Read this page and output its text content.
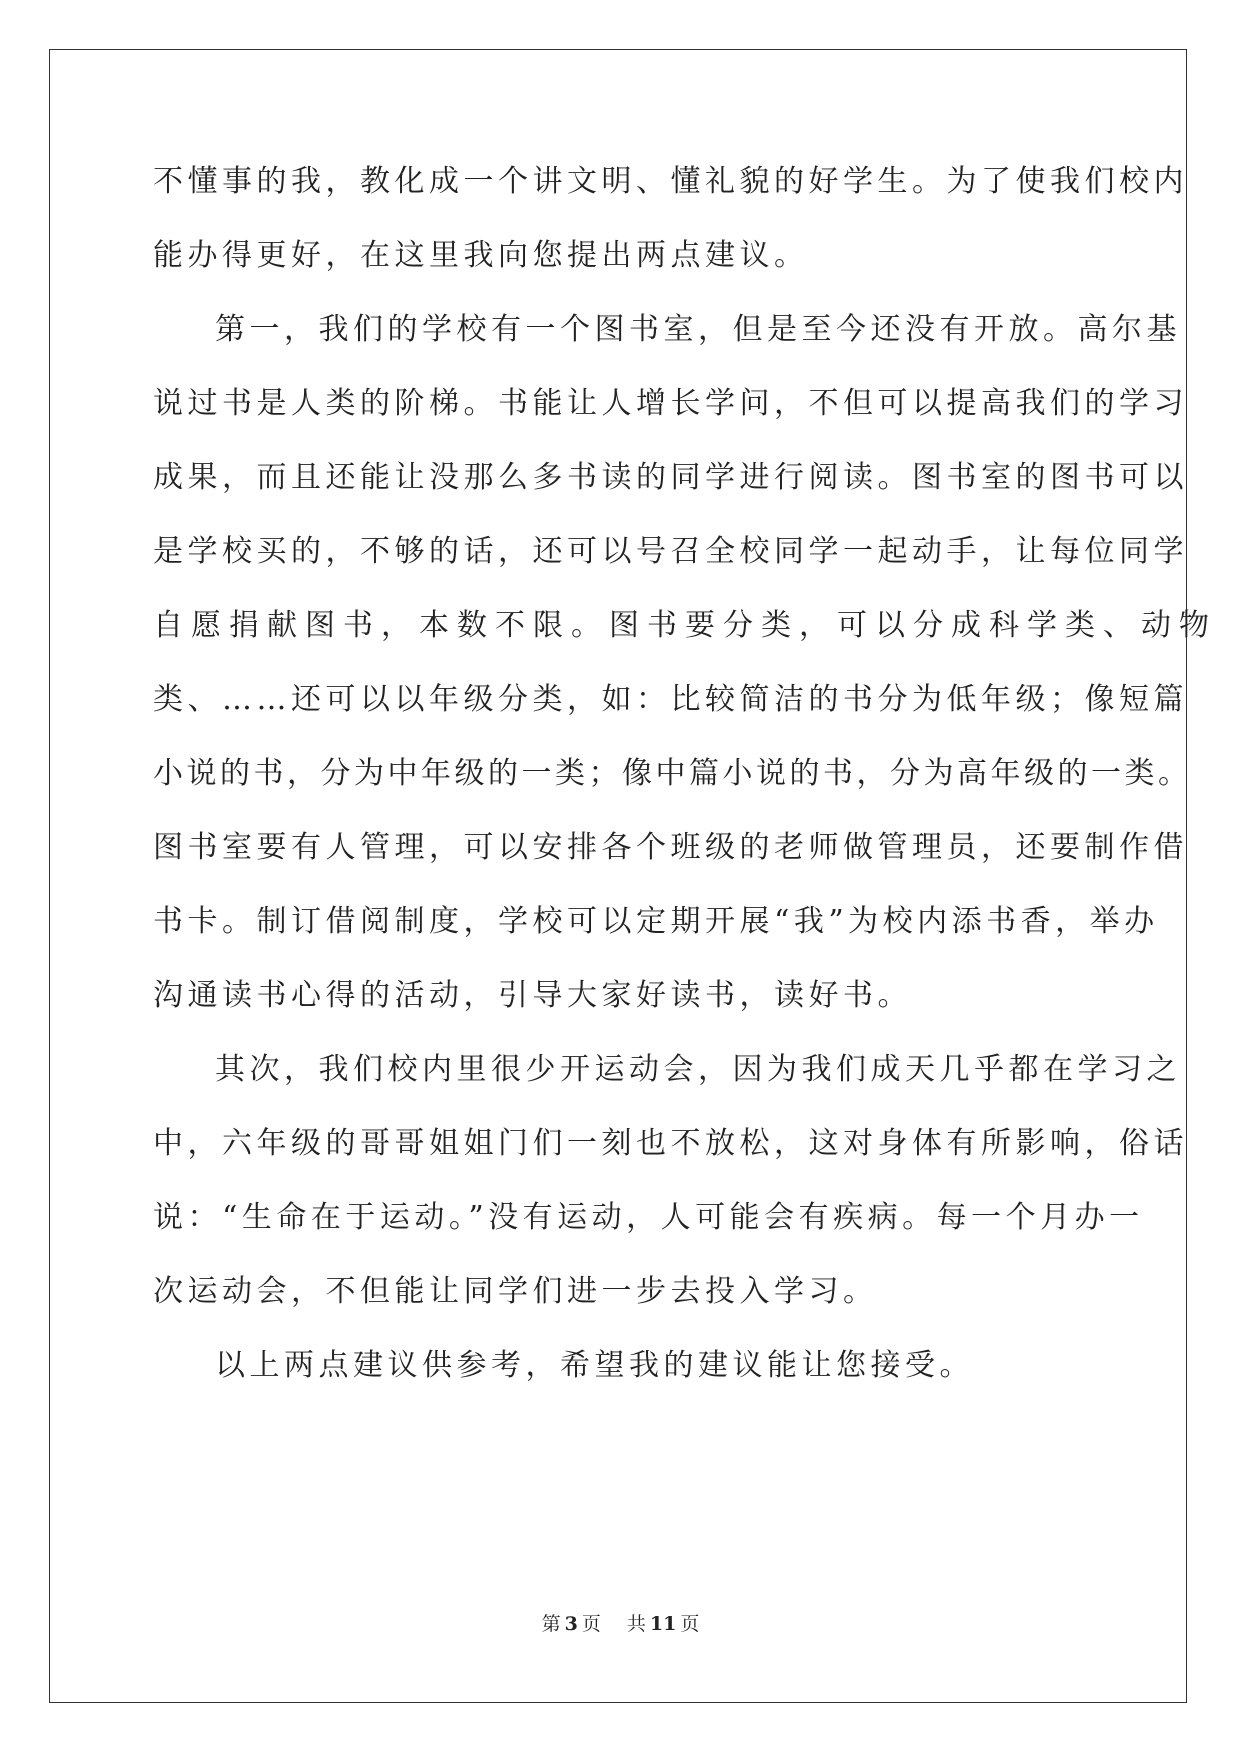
不懂事的我，教化成一个讲文明、懂礼貌的好学生。为了使我们校内
能办得更好，在这里我向您提出两点建议。
第一，我们的学校有一个图书室，但是至今还没有开放。高尔基
说过书是人类的阶梯。书能让人增长学问，不但可以提高我们的学习
成果，而且还能让没那么多书读的同学进行阅读。图书室的图书可以
是学校买的，不够的话，还可以号召全校同学一起动手，让每位同学
自愿捐献图书，本数不限。图书要分类，可以分成科学类、动物
类、……还可以以年级分类，如：比较简洁的书分为低年级；像短篇
小说的书，分为中年级的一类；像中篇小说的书，分为高年级的一类。
图书室要有人管理，可以安排各个班级的老师做管理员，还要制作借
书卡。制订借阅制度，学校可以定期开展“我”为校内添书香，举办
沟通读书心得的活动，引导大家好读书，读好书。
其次，我们校内里很少开运动会，因为我们成天几乎都在学习之
中，六年级的哥哥姐姐门们一刻也不放松，这对身体有所影响，俗话
说：“生命在于运动。”没有运动，人可能会有疾病。每一个月办一
次运动会，不但能让同学们进一步去投入学习。
以上两点建议供参考，希望我的建议能让您接受。
第 3 页 共 11 页
